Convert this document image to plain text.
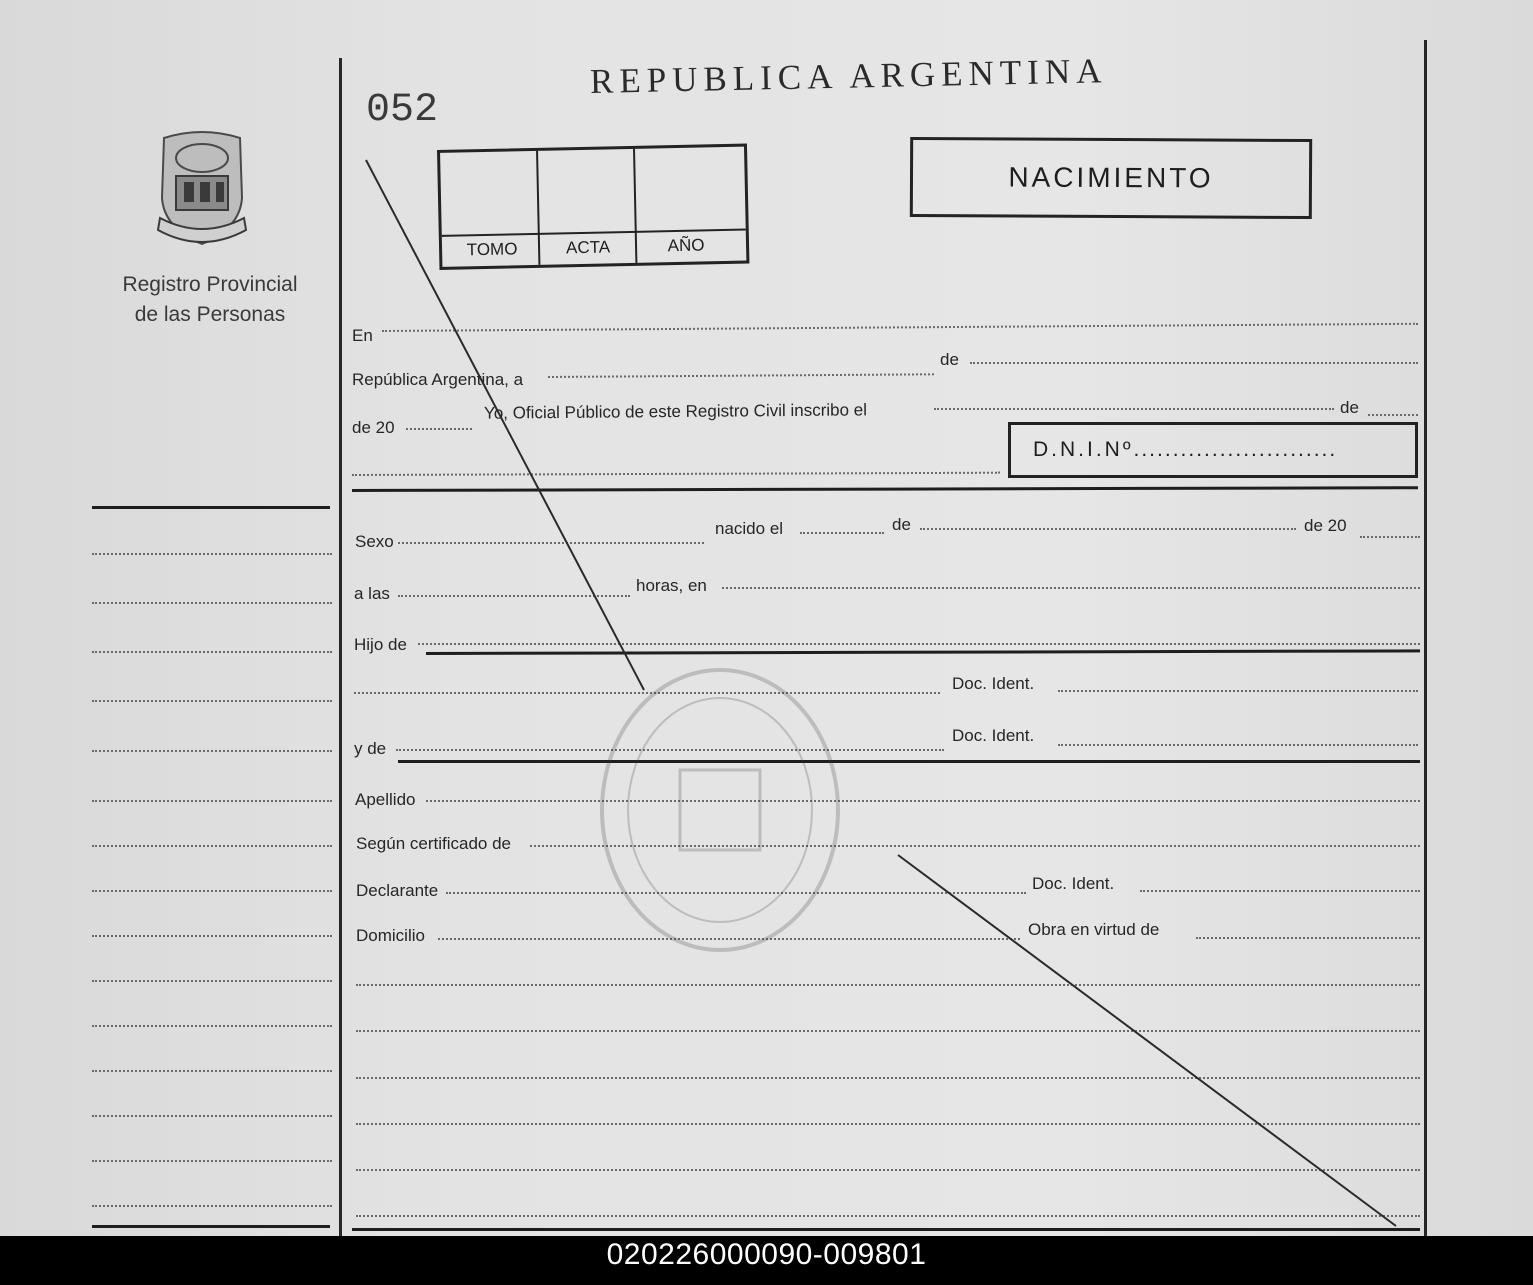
Registro Provincial
de las Personas
052
REPUBLICA ARGENTINA
TOMO	ACTA	AÑO
NACIMIENTO
En
República Argentina, a
de
de 20
Yo, Oficial Público de este Registro Civil inscribo el	de
D.N.I.Nº ..........................
Sexo
nacido el	de	de 20
a las	horas, en
Hijo de
Doc. Ident.
y de
Doc. Ident.
Apellido
Según certificado de
Declarante	Doc. Ident.
Domicilio	Obra en virtud de
020226000090-009801
